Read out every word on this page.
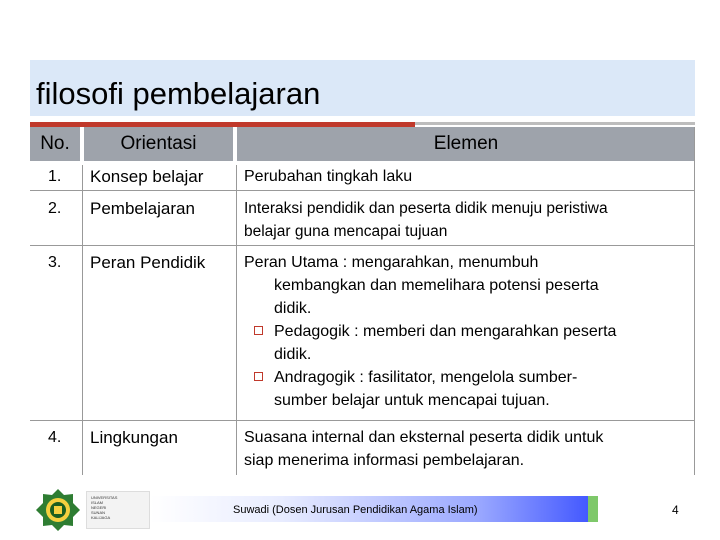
filosofi pembelajaran
No.	Orientasi	Elemen
1.	Konsep belajar	Perubahan tingkah laku
2.	Pembelajaran	Interaksi pendidik dan peserta didik menuju peristiwa
belajar guna mencapai tujuan
3.	Peran Pendidik	Peran Utama : mengarahkan, menumbuh
kembangkan dan memelihara potensi peserta
didik.
Pedagogik : memberi dan mengarahkan peserta
didik.
Andragogik : fasilitator, mengelola sumber-
sumber belajar untuk mencapai tujuan.
4.	Lingkungan	Suasana internal dan eksternal peserta didik untuk
siap menerima informasi pembelajaran.
UNIVERSITAS
ISLAM
NEGERI
SUNAN
KALIJAGA
Suwadi (Dosen Jurusan Pendidikan Agama Islam)	4
